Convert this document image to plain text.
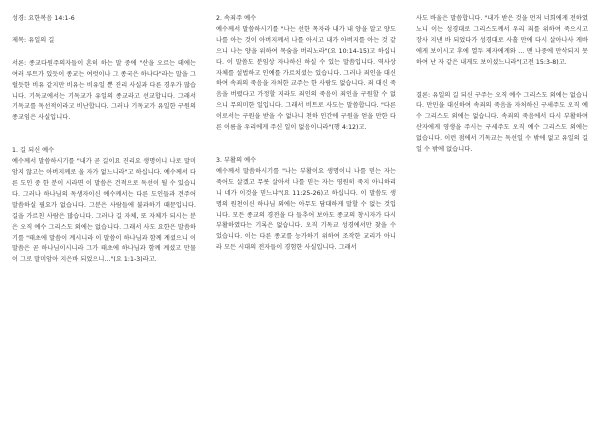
성경: 요한복음 14:1-6

제목: 유일의 길

서론: 종교다원주의자들이 흔히 하는 말 중에 "산을 오르는 데에는 여러 루트가 있듯이 종교는 여럿이나 그 종국은 하나다"라는 말을 그럴듯한 비유 같지만 비유는 비유일 뿐 진리 사실과 다른 경우가 많습니다. 기독교에서는 기독교가 유일의 종교라고 선교합니다. 그래서 기독교를 독선적이라고 비난합니다. 그러나 기독교가 유일한 구원의 종교임은 사실입니다.

1. 길 되신 예수

예수께서 말씀하시기를 "내가 곧 길이요 진리요 생명이니 나로 말미암지 않고는 아버지께로 올 자가 없느니라"고 하십니다. 예수께서 다른 도인 중 한 분이 시라면 이 말씀은 건적으로 독선이 될 수 있습니다. 그러나 하나님의 독생자이신 예수께서는 다른 도인들과 견주어 말씀하실 필요가 없습니다. 그분은 사람들에 불과하기 때문입니다. 길을 가르친 사람은 많습니다. 그러나 길 자체, 또 자체가 되시는 분은 오직 예수 그리스도 외에는 없습니다. 그래서 사도 요한은 말씀하기를 "태초에 말씀이 계시니라 이 말씀이 하나님과 함께 계셨으니 이 말씀은 곧 하나님이시니라 그가 태초에 하나님과 함께 계셨고 만물이 그로 말미암아 지은바 되었으니..."(요 1:1-3)라고.

2. 속죄주 예수

예수께서 말씀하시기를 "나는 선한 목자라 내가 내 양을 알고 양도 나를 아는 것이 아버지께서 나를 아시고 내가 아버지를 아는 것 같으니 나는 양을 위하여 목숨을 버리노라"(요 10:14-15)고 하십니다. 이 말씀도 분임상 자나하신 하실 수 있는 말씀입니다. 역사상 자체를 설법하고 인예를 가르치셨는 있습니다. 그러나 죄인을 대신하여 속죄의 죽음을 자처한 교주는 한 사람도 없습니다. 죄 대신 죽음을 버렸다고 가정할 지라도 죄인의 죽음이 죄인을 구원할 수 없으니 무의미한 일입니다. 그래서 비트로 사도는 말씀합니다. "다른 이로서는 구원을 받을 수 없나니 천하 인간에 구원을 얻을 만한 다른 이름을 우리에게 주신 일이 없음이니라"(행 4:12)고.

3. 부활의 예수

예수께서 말씀하시기를 "나는 부활이요 생명이니 나를 믿는 자는 죽어도 살겠고 무릇 살아서 나를 믿는 자는 영원히 죽지 아니하리니 네가 이것을 믿느냐"(요 11:25-26)고 하십니다. 이 말씀도 생명의 원천이신 하나님 외에는 아무도 담대하게 말할 수 없는 것입니다. 모든 종교의 경전을 다 들추어 보아도 종교의 창시자가 다시 부활하였다는 기록은 없습니다. 오직 기독교 성경에서만 찾을 수 있습니다. 이는 다른 종교를 능가하기 위하여 조작한 교리가 아니라 모든 시대의 전자들이 경험한 사실입니다. 그래서

사도 바울은 말씀합니다. "내가 받은 것을 먼저 너희에게 전하였노니 이는 성경대로 그리스도께서 우리 죄를 위하여 죽으시고 장사 지낸 바 되었다가 성경대로 사흘 만에 다시 살아나사 게바에게 보이시고 후에 열두 제자에게와 ... 맨 나중에 만삭되지 못하여 난 자 같은 내게도 보이셨느니라"(고전 15:3-8)고.

결론: 유일의 길 되신 구주는 오직 예수 그리스도 외에는 없습니다. 만민을 대신하여 속죄의 죽음을 자처하신 구세주도 오직 예수 그리스도 외에는 없습니다. 속죄의 죽음에서 다시 부활하여 산자에게 영생을 주시는 구세주도 오직 예수 그리스도 외에는 없습니다. 이런 점에서 기독교는 독선일 수 밖에 없고 유일의 길일 수 밖에 없습니다.
